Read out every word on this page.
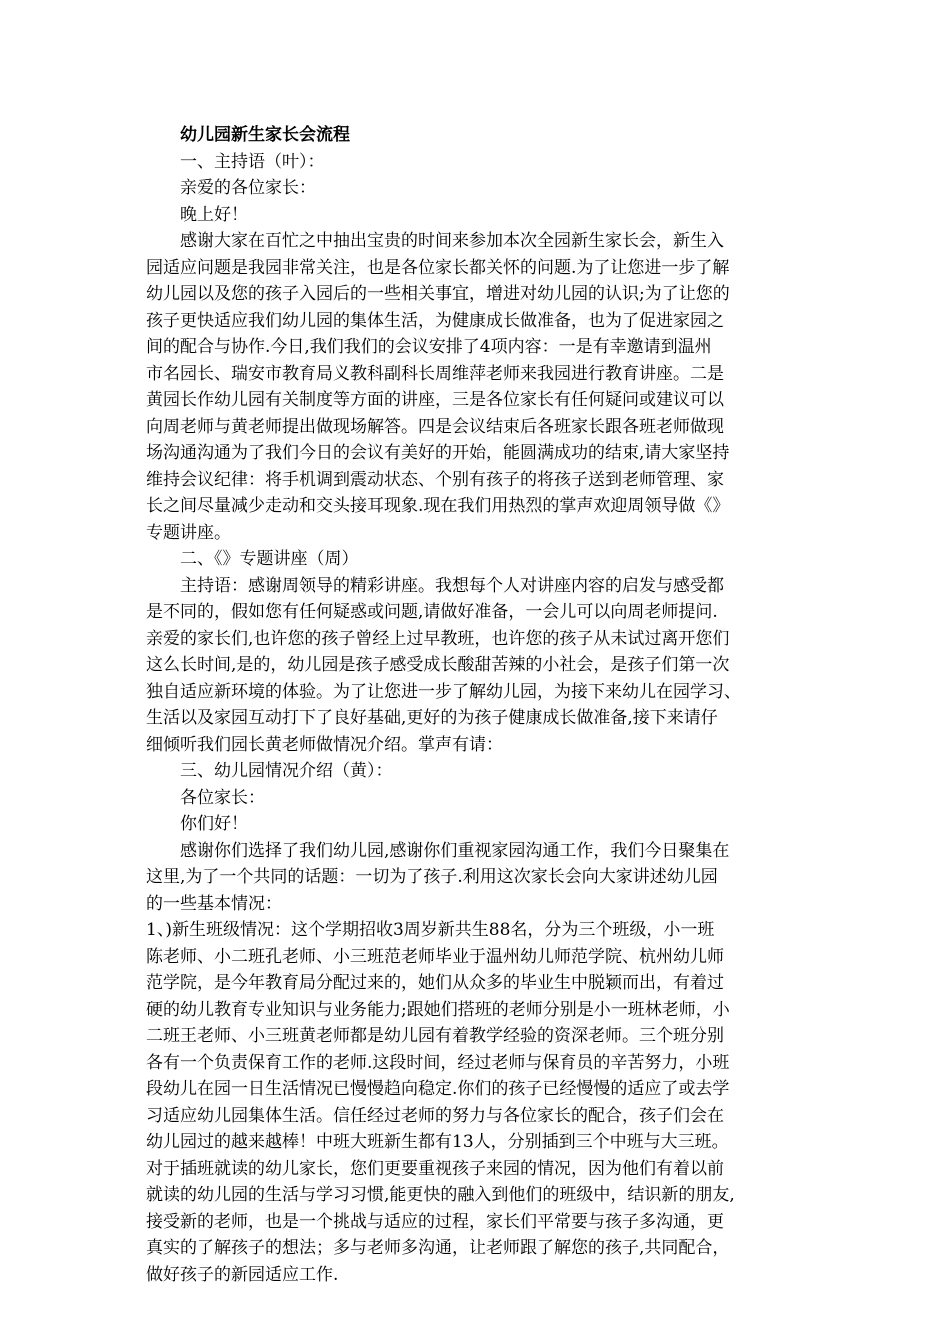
幼儿园新生家长会流程
一、主持语（叶）：
亲爱的各位家长：
晚上好！
感谢大家在百忙之中抽出宝贵的时间来参加本次全园新生家长会，新生入
园适应问题是我园非常关注，也是各位家长都关怀的问题.为了让您进一步了解
幼儿园以及您的孩子入园后的一些相关事宜，增进对幼儿园的认识;为了让您的
孩子更快适应我们幼儿园的集体生活，为健康成长做准备，也为了促进家园之
间的配合与协作.今日,我们我们的会议安排了4项内容：一是有幸邀请到温州
市名园长、瑞安市教育局义教科副科长周维萍老师来我园进行教育讲座。二是
黄园长作幼儿园有关制度等方面的讲座，三是各位家长有任何疑问或建议可以
向周老师与黄老师提出做现场解答。四是会议结束后各班家长跟各班老师做现
场沟通沟通为了我们今日的会议有美好的开始，能圆满成功的结束,请大家坚持
维持会议纪律：将手机调到震动状态、个别有孩子的将孩子送到老师管理、家
长之间尽量减少走动和交头接耳现象.现在我们用热烈的掌声欢迎周领导做《》
专题讲座。
二、《》专题讲座（周）
主持语：感谢周领导的精彩讲座。我想每个人对讲座内容的启发与感受都
是不同的，假如您有任何疑惑或问题,请做好准备，一会儿可以向周老师提问.
亲爱的家长们,也许您的孩子曾经上过早教班，也许您的孩子从未试过离开您们
这么长时间,是的，幼儿园是孩子感受成长酸甜苦辣的小社会，是孩子们第一次
独自适应新环境的体验。为了让您进一步了解幼儿园，为接下来幼儿在园学习、
生活以及家园互动打下了良好基础,更好的为孩子健康成长做准备,接下来请仔
细倾听我们园长黄老师做情况介绍。掌声有请：
三、幼儿园情况介绍（黄）：
各位家长：
你们好！
感谢你们选择了我们幼儿园,感谢你们重视家园沟通工作，我们今日聚集在
这里,为了一个共同的话题：一切为了孩子.利用这次家长会向大家讲述幼儿园
的一些基本情况：
1、)新生班级情况：这个学期招收3周岁新共生88名，分为三个班级，小一班
陈老师、小二班孔老师、小三班范老师毕业于温州幼儿师范学院、杭州幼儿师
范学院，是今年教育局分配过来的，她们从众多的毕业生中脱颖而出，有着过
硬的幼儿教育专业知识与业务能力;跟她们搭班的老师分别是小一班林老师，小
二班王老师、小三班黄老师都是幼儿园有着教学经验的资深老师。三个班分别
各有一个负责保育工作的老师.这段时间，经过老师与保育员的辛苦努力，小班
段幼儿在园一日生活情况已慢慢趋向稳定.你们的孩子已经慢慢的适应了或去学
习适应幼儿园集体生活。信任经过老师的努力与各位家长的配合，孩子们会在
幼儿园过的越来越棒！中班大班新生都有13人，分别插到三个中班与大三班。
对于插班就读的幼儿家长，您们更要重视孩子来园的情况，因为他们有着以前
就读的幼儿园的生活与学习习惯,能更快的融入到他们的班级中，结识新的朋友,
接受新的老师，也是一个挑战与适应的过程，家长们平常要与孩子多沟通，更
真实的了解孩子的想法；多与老师多沟通，让老师跟了解您的孩子,共同配合，
做好孩子的新园适应工作.
